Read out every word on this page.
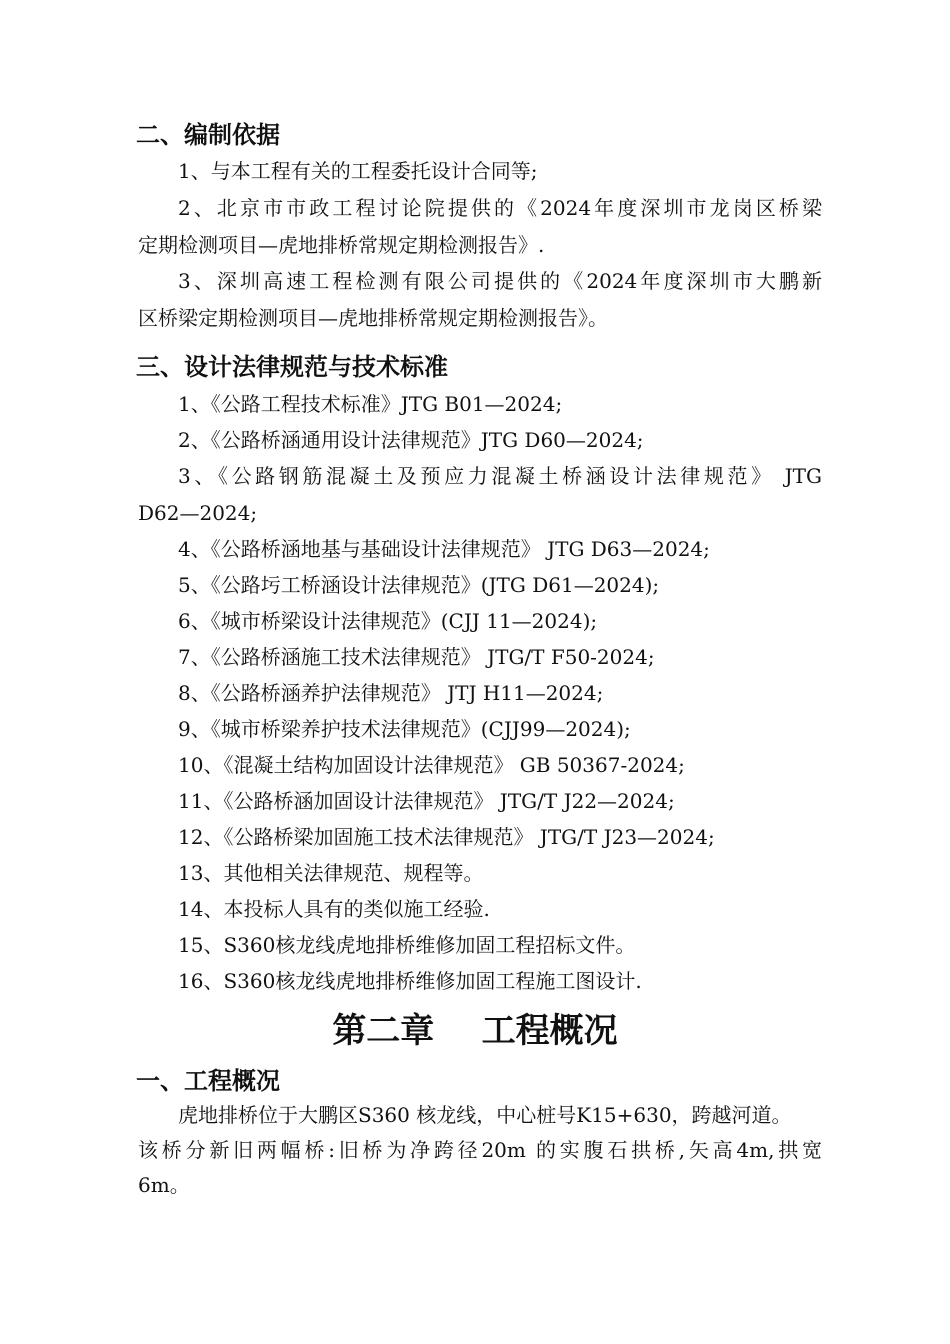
二、编制依据
1、与本工程有关的工程委托设计合同等;
2、北京市市政工程讨论院提供的《2024年度深圳市龙岗区桥梁
定期检测项目—虎地排桥常规定期检测报告》.
3、深圳高速工程检测有限公司提供的《2024年度深圳市大鹏新
区桥梁定期检测项目—虎地排桥常规定期检测报告》。
三、设计法律规范与技术标准
1、《公路工程技术标准》JTG B01—2024;
2、《公路桥涵通用设计法律规范》JTG D60—2024;
3、《公路钢筋混凝土及预应力混凝土桥涵设计法律规范》 JTG
D62—2024;
4、《公路桥涵地基与基础设计法律规范》 JTG D63—2024;
5、《公路圬工桥涵设计法律规范》(JTG D61—2024);
6、《城市桥梁设计法律规范》(CJJ 11—2024);
7、《公路桥涵施工技术法律规范》 JTG/T F50-2024;
8、《公路桥涵养护法律规范》 JTJ H11—2024;
9、《城市桥梁养护技术法律规范》(CJJ99—2024);
10、《混凝土结构加固设计法律规范》 GB 50367-2024;
11、《公路桥涵加固设计法律规范》 JTG/T J22—2024;
12、《公路桥梁加固施工技术法律规范》 JTG/T J23—2024;
13、其他相关法律规范、规程等。
14、本投标人具有的类似施工经验.
15、S360核龙线虎地排桥维修加固工程招标文件。
16、S360核龙线虎地排桥维修加固工程施工图设计.
第二章    工程概况
一、工程概况
虎地排桥位于大鹏区S360 核龙线，中心桩号K15+630，跨越河道。
该桥分新旧两幅桥:旧桥为净跨径20m 的实腹石拱桥,矢高4m,拱宽
6m。
